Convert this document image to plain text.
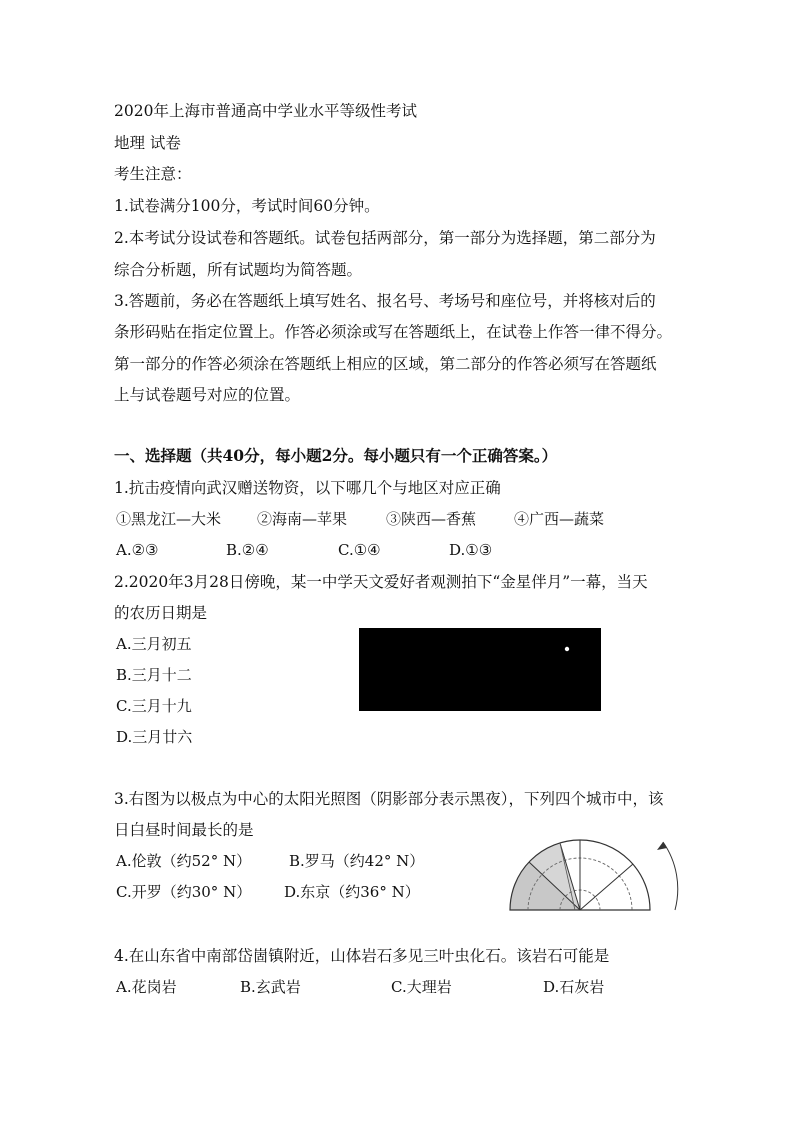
2020年上海市普通高中学业水平等级性考试
地理 试卷
考生注意：
1.试卷满分100分，考试时间60分钟。
2.本考试分设试卷和答题纸。试卷包括两部分，第一部分为选择题，第二部分为
综合分析题，所有试题均为简答题。
3.答题前，务必在答题纸上填写姓名、报名号、考场号和座位号，并将核对后的
条形码贴在指定位置上。作答必须涂或写在答题纸上，在试卷上作答一律不得分。
第一部分的作答必须涂在答题纸上相应的区域，第二部分的作答必须写在答题纸
上与试卷题号对应的位置。
一、选择题（共40分，每小题2分。每小题只有一个正确答案。）
1.抗击疫情向武汉赠送物资，以下哪几个与地区对应正确
①黑龙江—大米 ②海南—苹果	③陕西—香蕉	④广西—蔬菜
A.②③	B.②④	C.①④	D.①③
2.2020年3月28日傍晚，某一中学天文爱好者观测拍下“金星伴月”一幕，当天
的农历日期是
A.三月初五
B.三月十二
C.三月十九
D.三月廿六
3.右图为以极点为中心的太阳光照图（阴影部分表示黑夜），下列四个城市中，该
日白昼时间最长的是
A.伦敦（约52° N）	B.罗马（约42° N）
C.开罗（约30° N） D.东京（约36° N）
4.在山东省中南部岱崮镇附近，山体岩石多见三叶虫化石。该岩石可能是
A.花岗岩	B.玄武岩	C.大理岩	D.石灰岩
